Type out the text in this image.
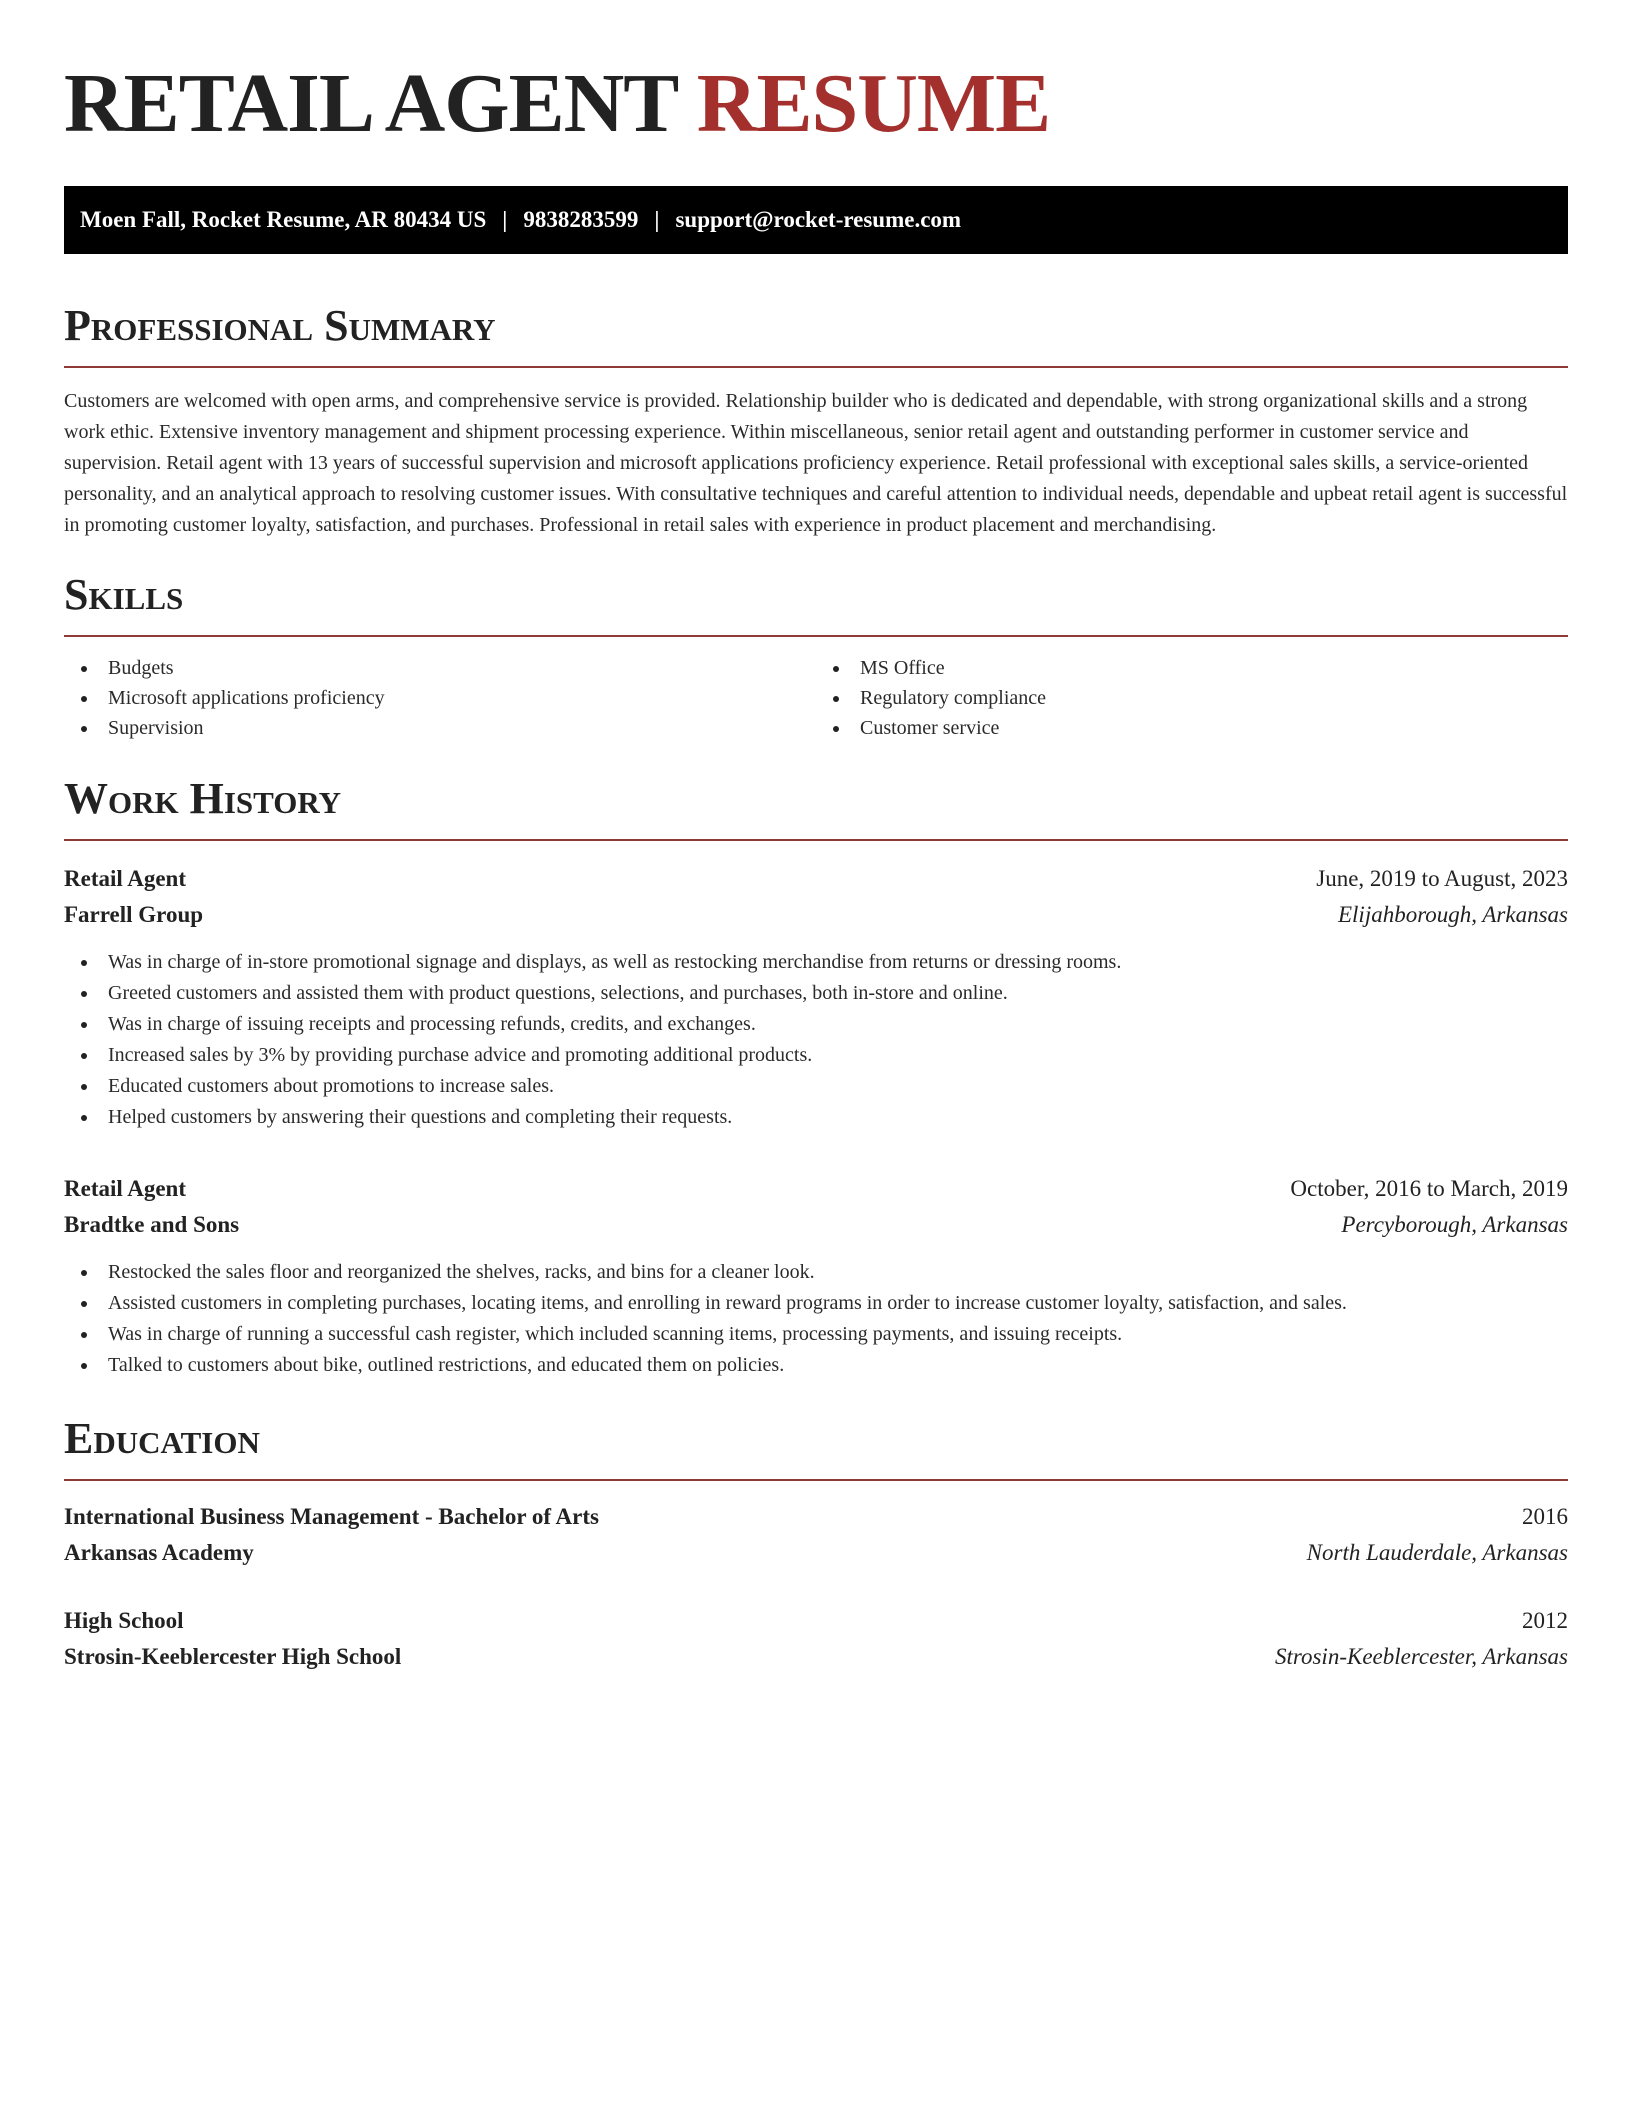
RETAIL AGENT RESUME
Moen Fall, Rocket Resume, AR 80434 US | 9838283599 | support@rocket-resume.com
Professional Summary

Customers are welcomed with open arms, and comprehensive service is provided. Relationship builder who is dedicated and dependable, with strong organizational skills and a strong work ethic. Extensive inventory management and shipment processing experience. Within miscellaneous, senior retail agent and outstanding performer in customer service and supervision. Retail agent with 13 years of successful supervision and microsoft applications proficiency experience. Retail professional with exceptional sales skills, a service-oriented personality, and an analytical approach to resolving customer issues. With consultative techniques and careful attention to individual needs, dependable and upbeat retail agent is successful in promoting customer loyalty, satisfaction, and purchases. Professional in retail sales with experience in product placement and merchandising.

Skills
Budgets
Microsoft applications proficiency
Supervision
MS Office
Regulatory compliance
Customer service
Work History
Retail Agent	June, 2019 to August, 2023
Farrell Group	Elijahborough, Arkansas
Was in charge of in-store promotional signage and displays, as well as restocking merchandise from returns or dressing rooms.
Greeted customers and assisted them with product questions, selections, and purchases, both in-store and online.
Was in charge of issuing receipts and processing refunds, credits, and exchanges.
Increased sales by 3% by providing purchase advice and promoting additional products.
Educated customers about promotions to increase sales.
Helped customers by answering their questions and completing their requests.
Retail Agent	October, 2016 to March, 2019
Bradtke and Sons	Percyborough, Arkansas
Restocked the sales floor and reorganized the shelves, racks, and bins for a cleaner look.
Assisted customers in completing purchases, locating items, and enrolling in reward programs in order to increase customer loyalty, satisfaction, and sales.
Was in charge of running a successful cash register, which included scanning items, processing payments, and issuing receipts.
Talked to customers about bike, outlined restrictions, and educated them on policies.
Education
International Business Management - Bachelor of Arts	2016
Arkansas Academy	North Lauderdale, Arkansas
High School	2012
Strosin-Keeblercester High School	Strosin-Keeblercester, Arkansas
